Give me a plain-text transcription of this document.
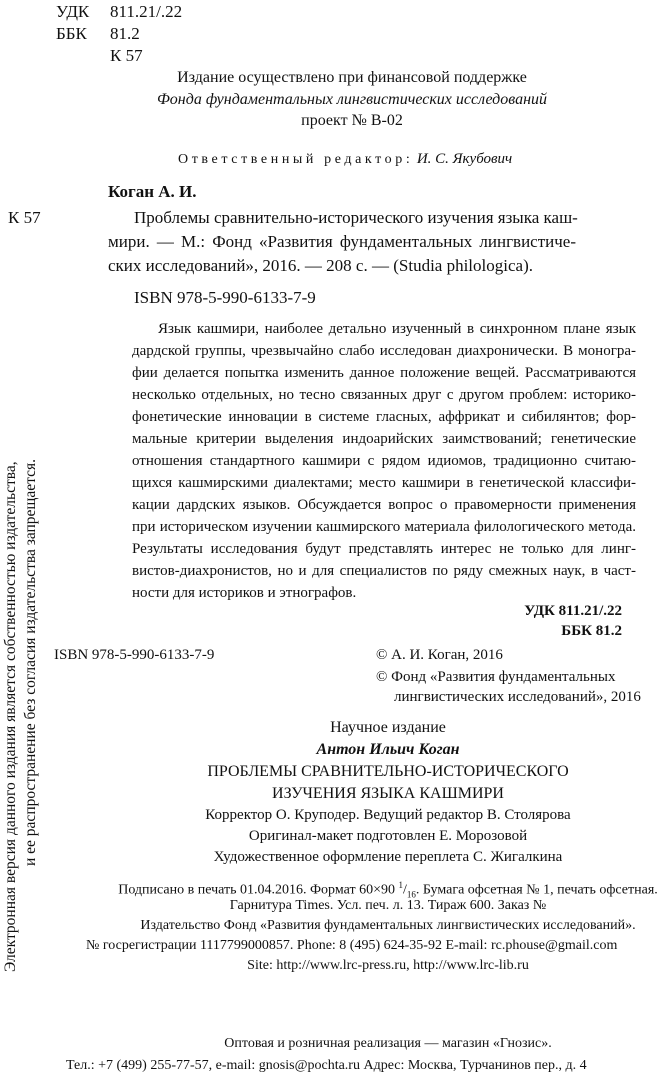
УДК 811.21/.22
ББК 81.2
К 57
Издание осуществлено при финансовой поддержке
Фонда фундаментальных лингвистических исследований
проект № В-02
Ответственный редактор: И. С. Якубович
Коган А. И.
К 57	Проблемы сравнительно-исторического изучения языка каш-
мири. — М.: Фонд «Развития фундаментальных лингвистиче-
ских исследований», 2016. — 208 с. — (Studia philologica).
ISBN 978-5-990-6133-7-9
Язык кашмири, наиболее детально изученный в синхронном плане язык
дардской группы, чрезвычайно слабо исследован диахронически. В моногра-
фии делается попытка изменить данное положение вещей. Рассматриваются
несколько отдельных, но тесно связанных друг с другом проблем: историко-
фонетические инновации в системе гласных, аффрикат и сибилянтов; фор-
мальные критерии выделения индоарийских заимствований; генетические
отношения стандартного кашмири с рядом идиомов, традиционно считаю-
щихся кашмирскими диалектами; место кашмири в генетической классифи-
кации дардских языков. Обсуждается вопрос о правомерности применения
при историческом изучении кашмирского материала филологического метода.
Результаты исследования будут представлять интерес не только для линг-
вистов-диахронистов, но и для специалистов по ряду смежных наук, в част-
ности для историков и этнографов.
УДК 811.21/.22
ББК 81.2
ISBN 978-5-990-6133-7-9	© А. И. Коган, 2016
© Фонд «Развития фундаментальных
лингвистических исследований», 2016
Научное издание
Антон Ильич Коган
ПРОБЛЕМЫ СРАВНИТЕЛЬНО-ИСТОРИЧЕСКОГО
ИЗУЧЕНИЯ ЯЗЫКА КАШМИРИ
Корректор О. Круподер. Ведущий редактор В. Столярова
Оригинал-макет подготовлен Е. Морозовой
Художественное оформление переплета С. Жигалкина
Подписано в печать 01.04.2016. Формат 60×90 $^1/_{16}$. Бумага офсетная № 1, печать офсетная.
Гарнитура Times. Усл. печ. л. 13. Тираж 600. Заказ №
Издательство Фонд «Развития фундаментальных лингвистических исследований».
№ госрегистрации 1117799000857. Phone: 8 (495) 624-35-92 E-mail: rc.phouse@gmail.com
Site: http://www.lrc-press.ru, http://www.lrc-lib.ru
Оптовая и розничная реализация — магазин «Гнозис».
Тел.: +7 (499) 255-77-57, e-mail: gnosis@pochta.ru Адрес: Москва, Турчанинов пер., д. 4
Электронная версия данного издания является собственностью издательства, и ее распространение без согласия издательства запрещается.
